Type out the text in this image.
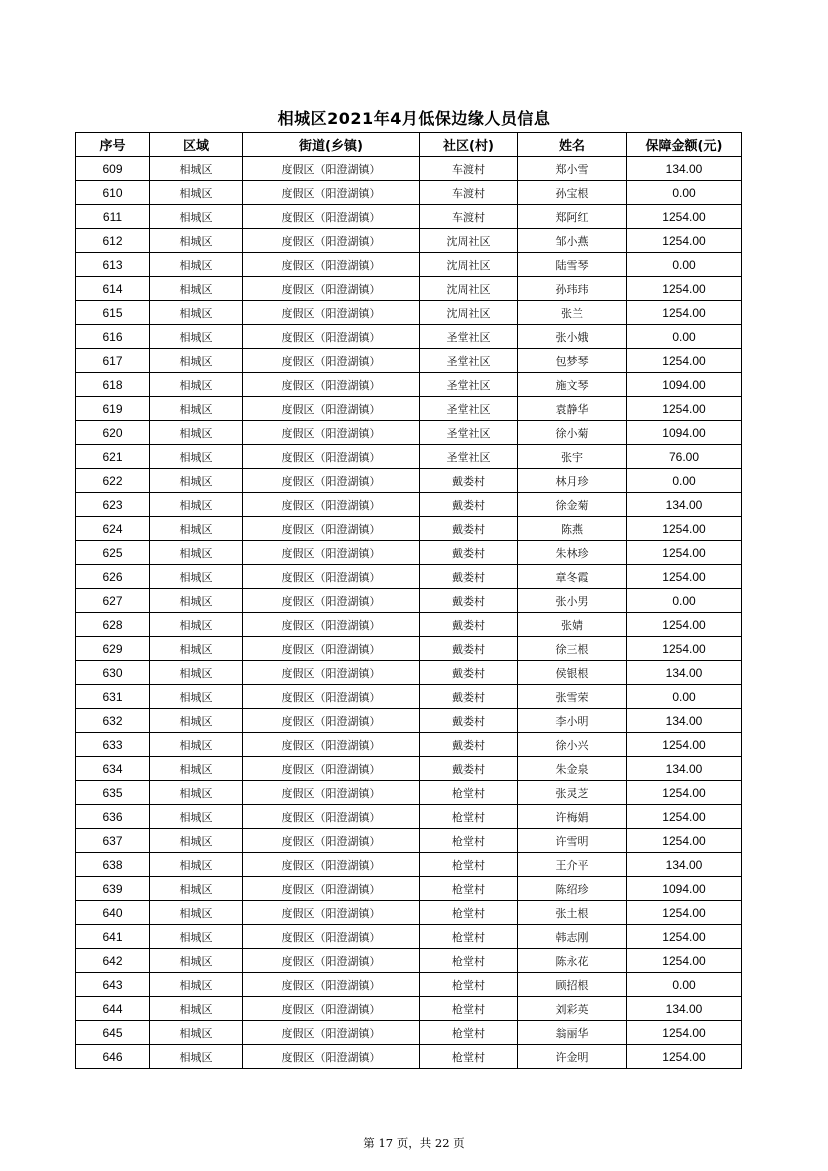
相城区2021年4月低保边缘人员信息
序号	区域	街道(乡镇)	社区(村)	姓名	保障金额(元)
609	相城区	度假区（阳澄湖镇）	车渡村	郑小雪	134.00
610	相城区	度假区（阳澄湖镇）	车渡村	孙宝根	0.00
611	相城区	度假区（阳澄湖镇）	车渡村	郑阿红	1254.00
612	相城区	度假区（阳澄湖镇）	沈周社区	邹小燕	1254.00
613	相城区	度假区（阳澄湖镇）	沈周社区	陆雪琴	0.00
614	相城区	度假区（阳澄湖镇）	沈周社区	孙玮玮	1254.00
615	相城区	度假区（阳澄湖镇）	沈周社区	张兰	1254.00
616	相城区	度假区（阳澄湖镇）	圣堂社区	张小娥	0.00
617	相城区	度假区（阳澄湖镇）	圣堂社区	包梦琴	1254.00
618	相城区	度假区（阳澄湖镇）	圣堂社区	施文琴	1094.00
619	相城区	度假区（阳澄湖镇）	圣堂社区	袁静华	1254.00
620	相城区	度假区（阳澄湖镇）	圣堂社区	徐小菊	1094.00
621	相城区	度假区（阳澄湖镇）	圣堂社区	张宇	76.00
622	相城区	度假区（阳澄湖镇）	戴娄村	林月珍	0.00
623	相城区	度假区（阳澄湖镇）	戴娄村	徐金菊	134.00
624	相城区	度假区（阳澄湖镇）	戴娄村	陈燕	1254.00
625	相城区	度假区（阳澄湖镇）	戴娄村	朱林珍	1254.00
626	相城区	度假区（阳澄湖镇）	戴娄村	章冬霞	1254.00
627	相城区	度假区（阳澄湖镇）	戴娄村	张小男	0.00
628	相城区	度假区（阳澄湖镇）	戴娄村	张婧	1254.00
629	相城区	度假区（阳澄湖镇）	戴娄村	徐三根	1254.00
630	相城区	度假区（阳澄湖镇）	戴娄村	侯银根	134.00
631	相城区	度假区（阳澄湖镇）	戴娄村	张雪荣	0.00
632	相城区	度假区（阳澄湖镇）	戴娄村	李小明	134.00
633	相城区	度假区（阳澄湖镇）	戴娄村	徐小兴	1254.00
634	相城区	度假区（阳澄湖镇）	戴娄村	朱金泉	134.00
635	相城区	度假区（阳澄湖镇）	枪堂村	张灵芝	1254.00
636	相城区	度假区（阳澄湖镇）	枪堂村	许梅娟	1254.00
637	相城区	度假区（阳澄湖镇）	枪堂村	许雪明	1254.00
638	相城区	度假区（阳澄湖镇）	枪堂村	王介平	134.00
639	相城区	度假区（阳澄湖镇）	枪堂村	陈绍珍	1094.00
640	相城区	度假区（阳澄湖镇）	枪堂村	张土根	1254.00
641	相城区	度假区（阳澄湖镇）	枪堂村	韩志刚	1254.00
642	相城区	度假区（阳澄湖镇）	枪堂村	陈永花	1254.00
643	相城区	度假区（阳澄湖镇）	枪堂村	顾招根	0.00
644	相城区	度假区（阳澄湖镇）	枪堂村	刘彩英	134.00
645	相城区	度假区（阳澄湖镇）	枪堂村	翁丽华	1254.00
646	相城区	度假区（阳澄湖镇）	枪堂村	许金明	1254.00
第 17 页，共 22 页
